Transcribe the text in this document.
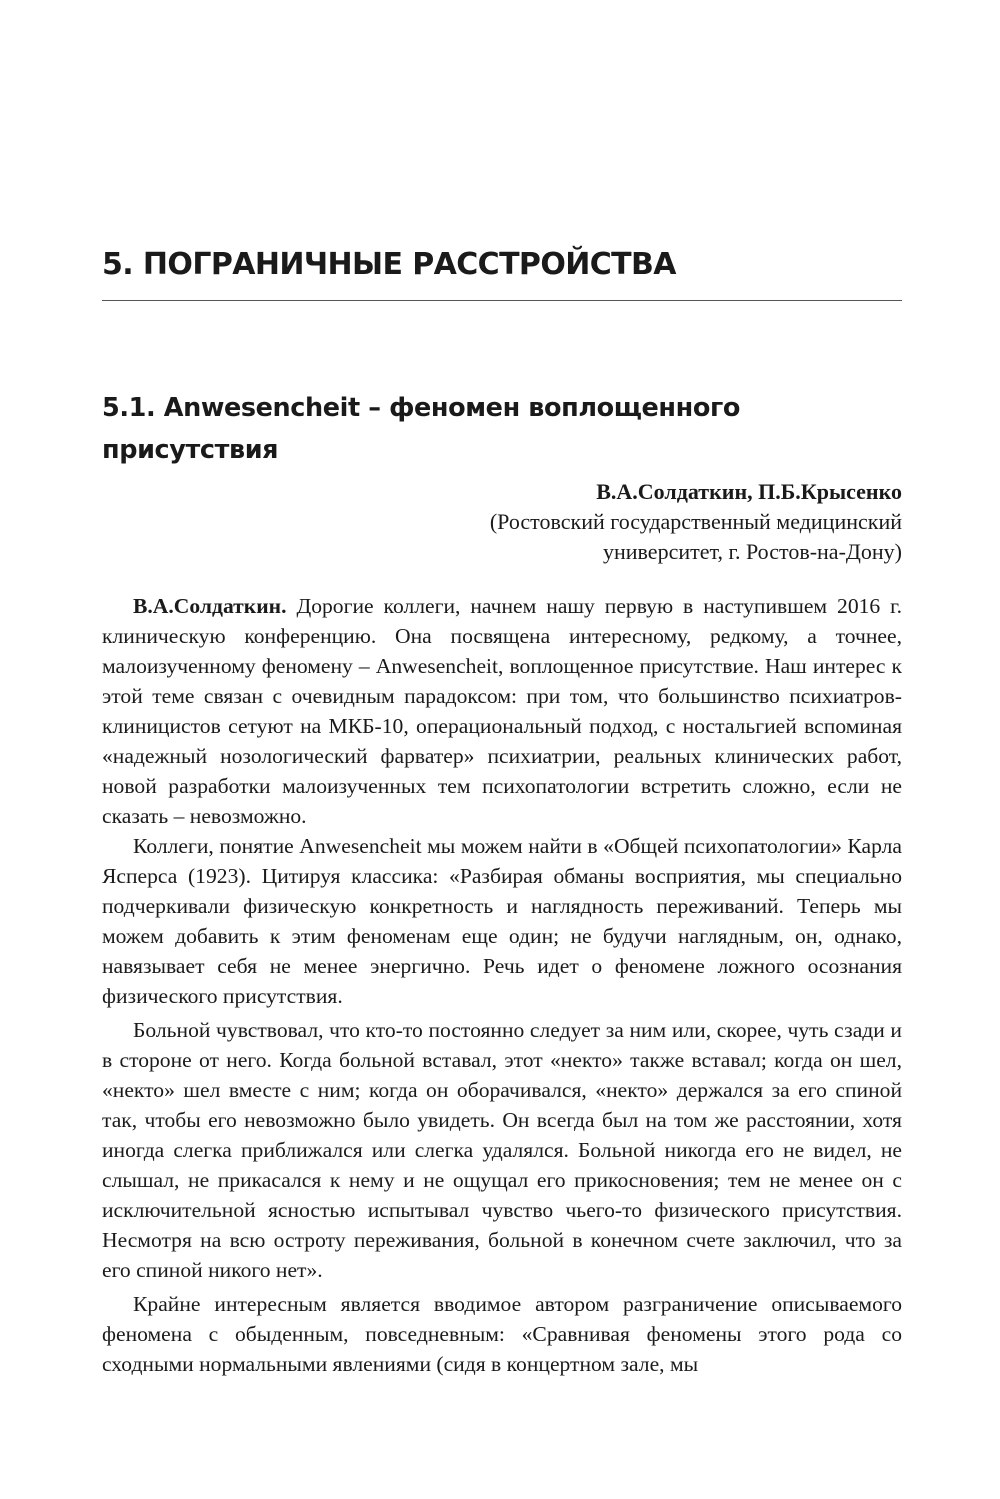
5. ПОГРАНИЧНЫЕ РАССТРОЙСТВА
5.1. Anwesencheit – феномен воплощенного
присутствия
В.А.Солдаткин, П.Б.Крысенко
(Ростовский государственный медицинский
университет, г. Ростов-на-Дону)

В.А.Солдаткин. Дорогие коллеги, начнем нашу первую в наступившем 2016 г. клиническую конференцию. Она посвящена интересному, редкому, а точнее, малоизученному феномену – Anwesencheit, воплощенное присутствие. Наш интерес к этой теме связан с очевидным парадоксом: при том, что большинство психиатров-клиницистов сетуют на МКБ-10, операциональный подход, с ностальгией вспоминая «надежный нозологический фарватер» психиатрии, реальных клинических работ, новой разработки малоизученных тем психопатологии встретить сложно, если не сказать – невозможно.

Коллеги, понятие Anwesencheit мы можем найти в «Общей психопатологии» Карла Ясперса (1923). Цитируя классика: «Разбирая обманы восприятия, мы специально подчеркивали физическую конкретность и наглядность переживаний. Теперь мы можем добавить к этим феноменам еще один; не будучи наглядным, он, однако, навязывает себя не менее энергично. Речь идет о феномене ложного осознания физического присутствия.

Больной чувствовал, что кто-то постоянно следует за ним или, скорее, чуть сзади и в стороне от него. Когда больной вставал, этот «некто» также вставал; когда он шел, «некто» шел вместе с ним; когда он оборачивался, «некто» держался за его спиной так, чтобы его невозможно было увидеть. Он всегда был на том же расстоянии, хотя иногда слегка приближался или слегка удалялся. Больной никогда его не видел, не слышал, не прикасался к нему и не ощущал его прикосновения; тем не менее он с исключительной ясностью испытывал чувство чьего-то физического присутствия. Несмотря на всю остроту переживания, больной в конечном счете заключил, что за его спиной никого нет».

Крайне интересным является вводимое автором разграничение описываемого феномена с обыденным, повседневным: «Сравнивая феномены этого рода со сходными нормальными явлениями (сидя в концертном зале, мы
